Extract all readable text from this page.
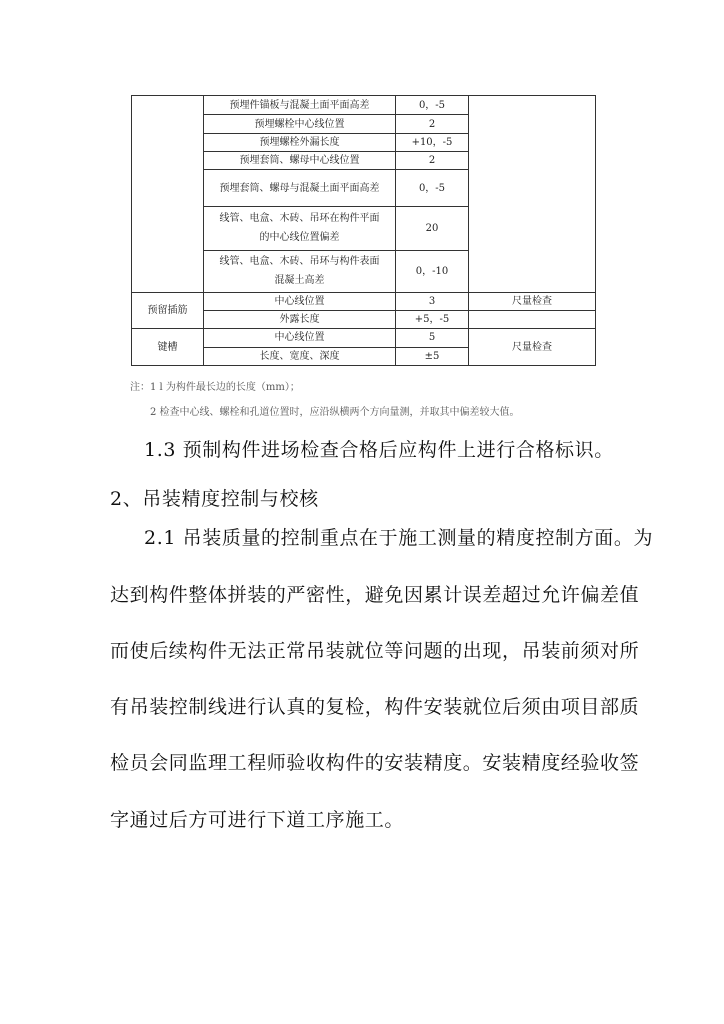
	预埋件锚板与混凝土面平面高差	0，-5	
	预埋螺栓中心线位置	2	
	预埋螺栓外漏长度	+10，-5	
	预埋套筒、螺母中心线位置	2	
	预埋套筒、螺母与混凝土面平面高差	0，-5	

	线管、电盒、木砖、吊环在构件平面
的中心线位置偏差	20	

	线管、电盒、木砖、吊环与构件表面
混凝土高差	0，-10	
预留插筋	中心线位置	3	尺量检查
	外露长度	+5，-5	
键槽	中心线位置	5	尺量检查
	长度、宽度、深度	±5	
注：1 l 为构件最长边的长度（mm）；
2 检查中心线、螺栓和孔道位置时，应沿纵横两个方向量测，并取其中偏差较大值。
1.3 预制构件进场检查合格后应构件上进行合格标识。
2、吊装精度控制与校核
2.1 吊装质量的控制重点在于施工测量的精度控制方面。为
达到构件整体拼装的严密性，避免因累计误差超过允许偏差值
而使后续构件无法正常吊装就位等问题的出现，吊装前须对所
有吊装控制线进行认真的复检，构件安装就位后须由项目部质
检员会同监理工程师验收构件的安装精度。安装精度经验收签
字通过后方可进行下道工序施工。
